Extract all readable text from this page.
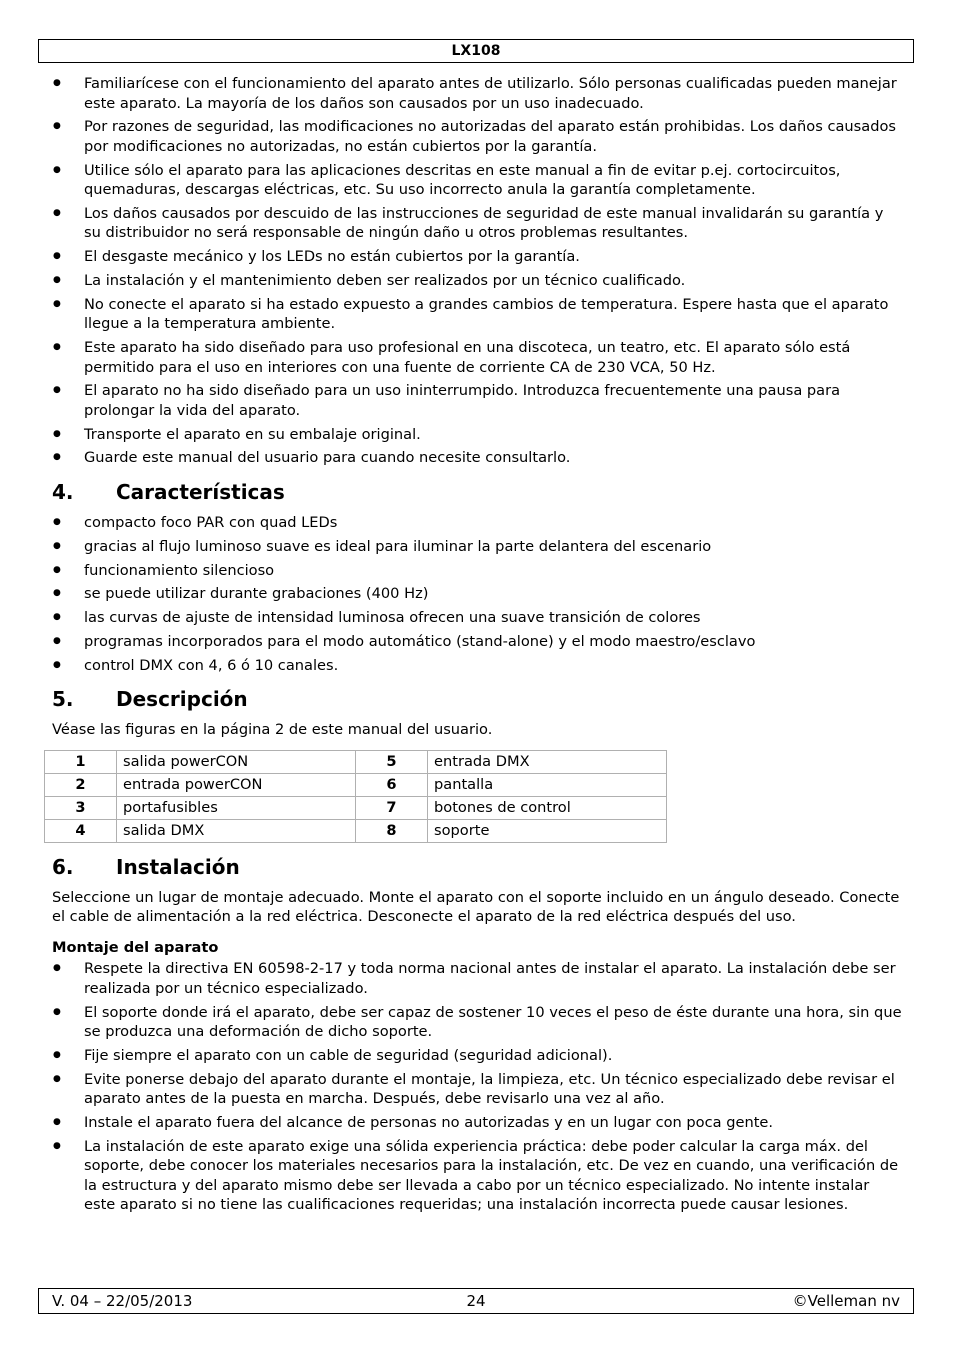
LX108
● Familiarícese con el funcionamiento del aparato antes de utilizarlo. Sólo personas cualificadas pueden manejar este aparato. La mayoría de los daños son causados por un uso inadecuado.
● Por razones de seguridad, las modificaciones no autorizadas del aparato están prohibidas. Los daños causados por modificaciones no autorizadas, no están cubiertos por la garantía.
● Utilice sólo el aparato para las aplicaciones descritas en este manual a fin de evitar p.ej. cortocircuitos, quemaduras, descargas eléctricas, etc. Su uso incorrecto anula la garantía completamente.
● Los daños causados por descuido de las instrucciones de seguridad de este manual invalidarán su garantía y su distribuidor no será responsable de ningún daño u otros problemas resultantes.
● El desgaste mecánico y los LEDs no están cubiertos por la garantía.
● La instalación y el mantenimiento deben ser realizados por un técnico cualificado.
● No conecte el aparato si ha estado expuesto a grandes cambios de temperatura. Espere hasta que el aparato llegue a la temperatura ambiente.
● Este aparato ha sido diseñado para uso profesional en una discoteca, un teatro, etc. El aparato sólo está permitido para el uso en interiores con una fuente de corriente CA de 230 VCA, 50 Hz.
● El aparato no ha sido diseñado para un uso ininterrumpido. Introduzca frecuentemente una pausa para prolongar la vida del aparato.
● Transporte el aparato en su embalaje original.
● Guarde este manual del usuario para cuando necesite consultarlo.
4.	Características
● compacto foco PAR con quad LEDs
● gracias al flujo luminoso suave es ideal para iluminar la parte delantera del escenario
● funcionamiento silencioso
● se puede utilizar durante grabaciones (400 Hz)
● las curvas de ajuste de intensidad luminosa ofrecen una suave transición de colores
● programas incorporados para el modo automático (stand-alone) y el modo maestro/esclavo
● control DMX con 4, 6 ó 10 canales.
5.	Descripción

Véase las figuras en la página 2 de este manual del usuario.

1	salida powerCON	5	entrada DMX
2	entrada powerCON	6	pantalla
3	portafusibles	7	botones de control
4	salida DMX	8	soporte
6.	Instalación

Seleccione un lugar de montaje adecuado. Monte el aparato con el soporte incluido en un ángulo deseado. Conecte el cable de alimentación a la red eléctrica. Desconecte el aparato de la red eléctrica después del uso.

Montaje del aparato
● Respete la directiva EN 60598-2-17 y toda norma nacional antes de instalar el aparato. La instalación debe ser realizada por un técnico especializado.
● El soporte donde irá el aparato, debe ser capaz de sostener 10 veces el peso de éste durante una hora, sin que se produzca una deformación de dicho soporte.
● Fije siempre el aparato con un cable de seguridad (seguridad adicional).
● Evite ponerse debajo del aparato durante el montaje, la limpieza, etc. Un técnico especializado debe revisar el aparato antes de la puesta en marcha. Después, debe revisarlo una vez al año.
● Instale el aparato fuera del alcance de personas no autorizadas y en un lugar con poca gente.
● La instalación de este aparato exige una sólida experiencia práctica: debe poder calcular la carga máx. del soporte, debe conocer los materiales necesarios para la instalación, etc. De vez en cuando, una verificación de la estructura y del aparato mismo debe ser llevada a cabo por un técnico especializado. No intente instalar este aparato si no tiene las cualificaciones requeridas; una instalación incorrecta puede causar lesiones.
V. 04 – 22/05/2013	24	©Velleman nv
